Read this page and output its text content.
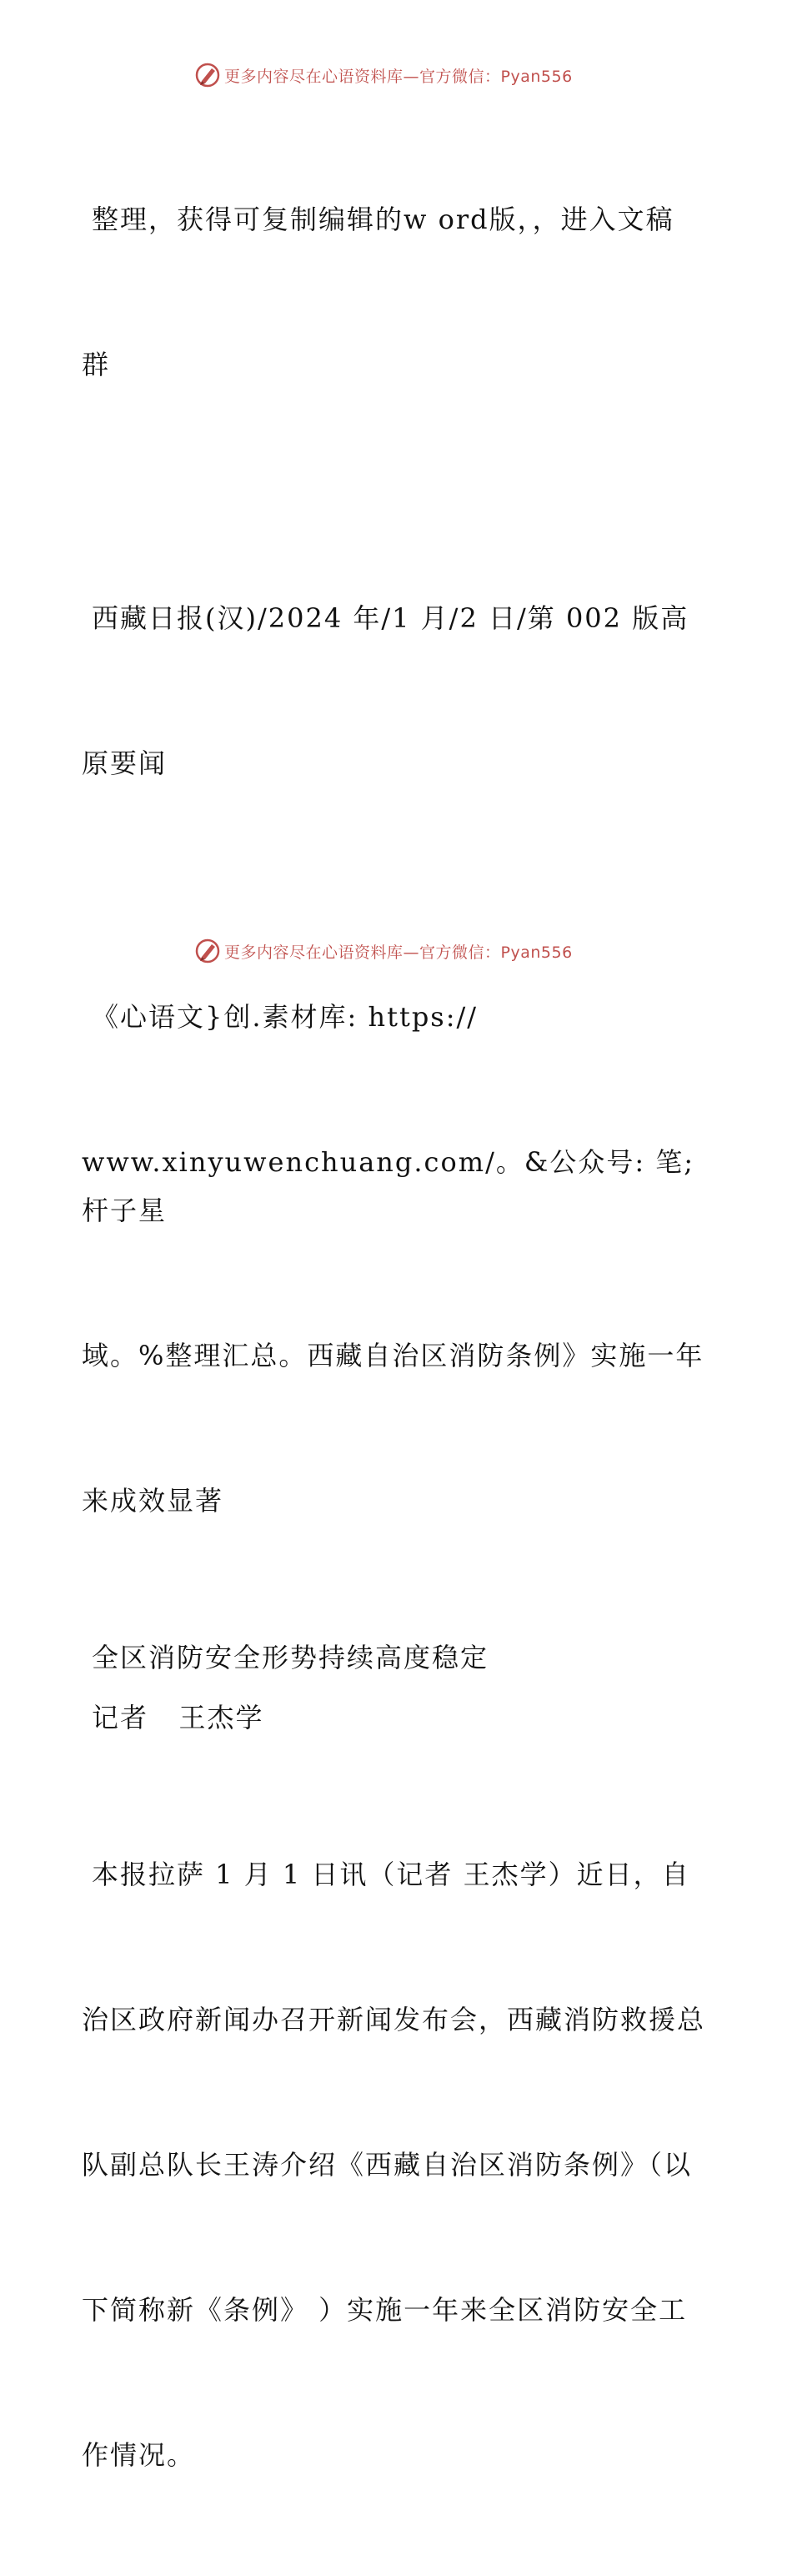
更多内容尽在心语资料库—官方微信：Pyan556

整理，获得可复制编辑的w ord版，，进入文稿

群

西藏日报(汉)/2024 年/1 月/2 日/第 002 版高

原要闻

《心语文}创.素材库: https://

www.xinyuwenchuang.com/。&公众号: 笔;杆子星

域。%整理汇总。西藏自治区消防条例》实施一年

来成效显著

全区消防安全形势持续高度稳定

记者   王杰学

本报拉萨 1 月 1 日讯（记者 王杰学）近日，自

治区政府新闻办召开新闻发布会，西藏消防救援总

队副总队长王涛介绍《西藏自治区消防条例》（以

下简称新《条例》 ）实施一年来全区消防安全工

作情况。

更多内容尽在心语资料库—官方微信：Pyan556
